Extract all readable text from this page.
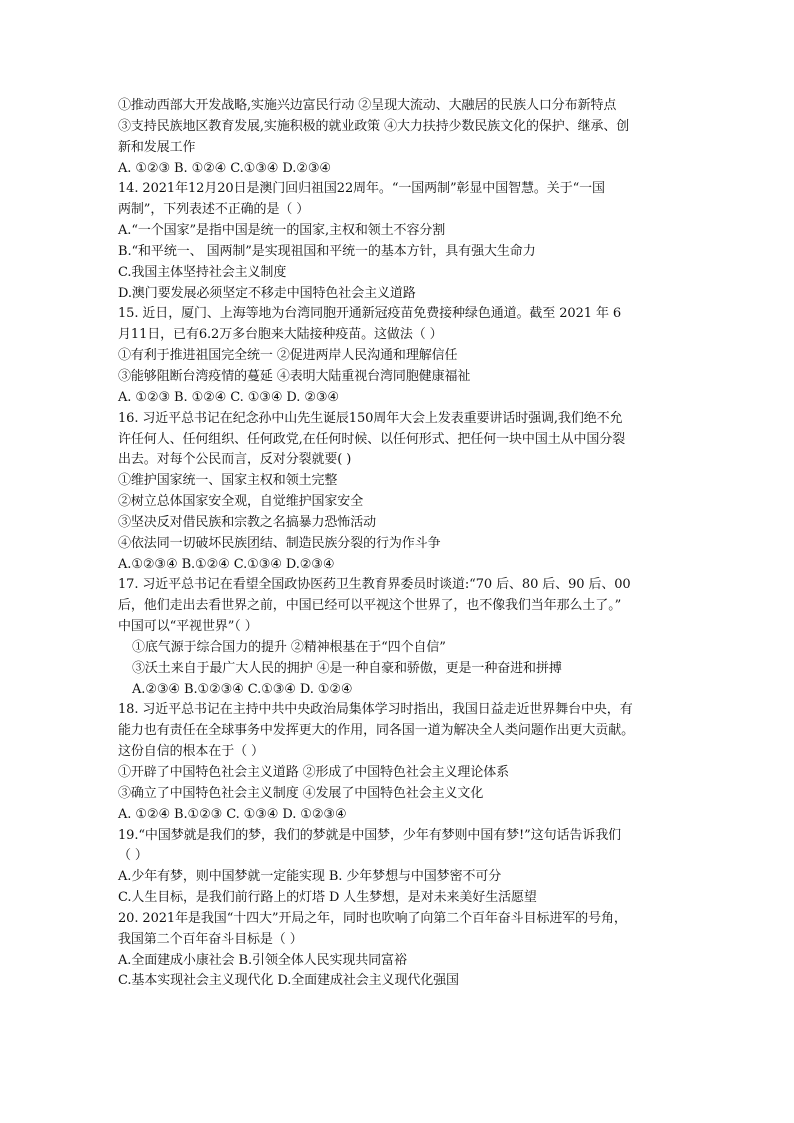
①推动西部大开发战略,实施兴边富民行动 ②呈现大流动、大融居的民族人口分布新特点
③支持民族地区教育发展,实施积极的就业政策 ④大力扶持少数民族文化的保护、继承、创
新和发展工作
A. ①②③ B. ①②④ C.①③④ D.②③④
14. 2021年12月20日是澳门回归祖国22周年。“一国两制”彰显中国智慧。关于“一国
两制”，下列表述不正确的是（ ）
A.“一个国家”是指中国是统一的国家,主权和领土不容分割
B.“和平统一、 国两制”是实现祖国和平统一的基本方针，具有强大生命力
C.我国主体坚持社会主义制度
D.澳门要发展必须坚定不移走中国特色社会主义道路
15. 近日，厦门、上海等地为台湾同胞开通新冠疫苗免费接种绿色通道。截至 2021 年 6
月11日，已有6.2万多台胞来大陆接种疫苗。这做法（ ）
①有利于推进祖国完全统一 ②促进两岸人民沟通和理解信任
③能够阻断台湾疫情的蔓延 ④表明大陆重视台湾同胞健康福祉
A. ①②③ B. ①②④ C. ①③④ D. ②③④
16. 习近平总书记在纪念孙中山先生诞辰150周年大会上发表重要讲话时强调,我们绝不允
许任何人、任何组织、任何政党,在任何时候、以任何形式、把任何一块中国土从中国分裂
出去。对每个公民而言，反对分裂就要( )
①维护国家统一、国家主权和领土完整
②树立总体国家安全观，自觉维护国家安全
③坚决反对借民族和宗教之名搞暴力恐怖活动
④依法同一切破坏民族团结、制造民族分裂的行为作斗争
A.①②③④ B.①②④ C.①③④ D.②③④
17. 习近平总书记在看望全国政协医药卫生教育界委员时谈道:“70 后、80 后、90 后、00
后，他们走出去看世界之前，中国已经可以平视这个世界了，也不像我们当年那么土了。”
中国可以“平视世界”（ ）
①底气源于综合国力的提升 ②精神根基在于“四个自信”
③沃土来自于最广大人民的拥护 ④是一种自豪和骄傲，更是一种奋进和拼搏
A.②③④ B.①②③④ C.①③④ D. ①②④
18. 习近平总书记在主持中共中央政治局集体学习时指出，我国日益走近世界舞台中央，有
能力也有责任在全球事务中发挥更大的作用，同各国一道为解决全人类问题作出更大贡献。
这份自信的根本在于（ ）
①开辟了中国特色社会主义道路 ②形成了中国特色社会主义理论体系
③确立了中国特色社会主义制度 ④发展了中国特色社会主义文化
A. ①②④ B.①②③ C. ①③④ D. ①②③④
19.“中国梦就是我们的梦，我们的梦就是中国梦，少年有梦则中国有梦!”这句话告诉我们
（ ）
A.少年有梦，则中国梦就一定能实现 B. 少年梦想与中国梦密不可分
C.人生目标，是我们前行路上的灯塔 D 人生梦想，是对未来美好生活愿望
20. 2021年是我国“十四大”开局之年，同时也吹响了向第二个百年奋斗目标进军的号角，
我国第二个百年奋斗目标是（ ）
A.全面建成小康社会 B.引领全体人民实现共同富裕
C.基本实现社会主义现代化 D.全面建成社会主义现代化强国
